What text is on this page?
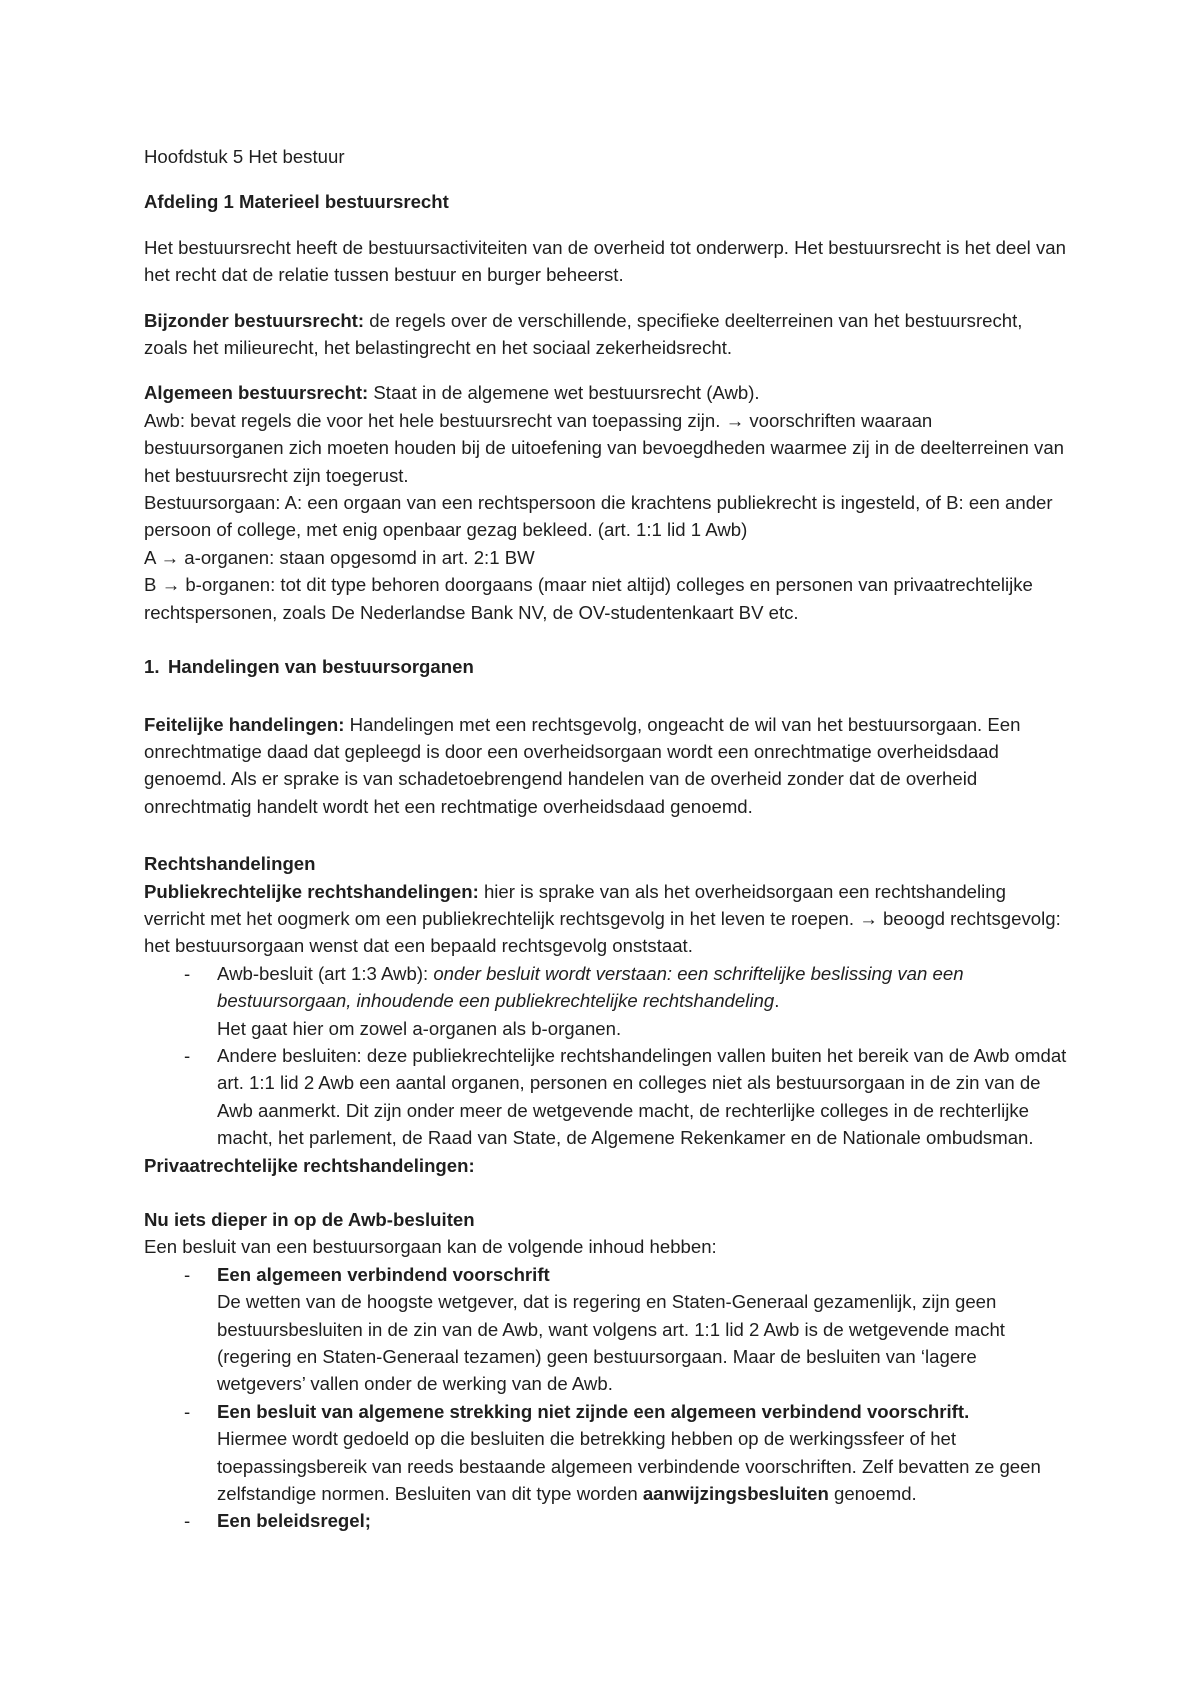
Hoofdstuk 5 Het bestuur

Afdeling 1 Materieel bestuursrecht

Het bestuursrecht heeft de bestuursactiviteiten van de overheid tot onderwerp. Het bestuursrecht is het deel van het recht dat de relatie tussen bestuur en burger beheerst.

Bijzonder bestuursrecht: de regels over de verschillende, specifieke deelterreinen van het bestuursrecht, zoals het milieurecht, het belastingrecht en het sociaal zekerheidsrecht.

Algemeen bestuursrecht: Staat in de algemene wet bestuursrecht (Awb).

Awb: bevat regels die voor het hele bestuursrecht van toepassing zijn. → voorschriften waaraan bestuursorganen zich moeten houden bij de uitoefening van bevoegdheden waarmee zij in de deelterreinen van het bestuursrecht zijn toegerust.

Bestuursorgaan: A: een orgaan van een rechtspersoon die krachtens publiekrecht is ingesteld, of B: een ander persoon of college, met enig openbaar gezag bekleed. (art. 1:1 lid 1 Awb)

A → a-organen: staan opgesomd in art. 2:1 BW

B → b-organen: tot dit type behoren doorgaans (maar niet altijd) colleges en personen van privaatrechtelijke rechtspersonen, zoals De Nederlandse Bank NV, de OV-studentenkaart BV etc.

1. Handelingen van bestuursorganen

Feitelijke handelingen: Handelingen met een rechtsgevolg, ongeacht de wil van het bestuursorgaan. Een onrechtmatige daad dat gepleegd is door een overheidsorgaan wordt een onrechtmatige overheidsdaad genoemd. Als er sprake is van schadetoebrengend handelen van de overheid zonder dat de overheid onrechtmatig handelt wordt het een rechtmatige overheidsdaad genoemd.

Rechtshandelingen

Publiekrechtelijke rechtshandelingen: hier is sprake van als het overheidsorgaan een rechtshandeling verricht met het oogmerk om een publiekrechtelijk rechtsgevolg in het leven te roepen. → beoogd rechtsgevolg: het bestuursorgaan wenst dat een bepaald rechtsgevolg onststaat.

- Awb-besluit (art 1:3 Awb): onder besluit wordt verstaan: een schriftelijke beslissing van een bestuursorgaan, inhoudende een publiekrechtelijke rechtshandeling.
Het gaat hier om zowel a-organen als b-organen.
- Andere besluiten: deze publiekrechtelijke rechtshandelingen vallen buiten het bereik van de Awb omdat art. 1:1 lid 2 Awb een aantal organen, personen en colleges niet als bestuursorgaan in de zin van de Awb aanmerkt. Dit zijn onder meer de wetgevende macht, de rechterlijke colleges in de rechterlijke macht, het parlement, de Raad van State, de Algemene Rekenkamer en de Nationale ombudsman.

Privaatrechtelijke rechtshandelingen:

Nu iets dieper in op de Awb-besluiten

Een besluit van een bestuursorgaan kan de volgende inhoud hebben:

- Een algemeen verbindend voorschrift
De wetten van de hoogste wetgever, dat is regering en Staten-Generaal gezamenlijk, zijn geen bestuursbesluiten in de zin van de Awb, want volgens art. 1:1 lid 2 Awb is de wetgevende macht (regering en Staten-Generaal tezamen) geen bestuursorgaan. Maar de besluiten van ‘lagere wetgevers’ vallen onder de werking van de Awb.
- Een besluit van algemene strekking niet zijnde een algemeen verbindend voorschrift.
Hiermee wordt gedoeld op die besluiten die betrekking hebben op de werkingssfeer of het toepassingsbereik van reeds bestaande algemeen verbindende voorschriften. Zelf bevatten ze geen zelfstandige normen. Besluiten van dit type worden aanwijzingsbesluiten genoemd.
- Een beleidsregel;
